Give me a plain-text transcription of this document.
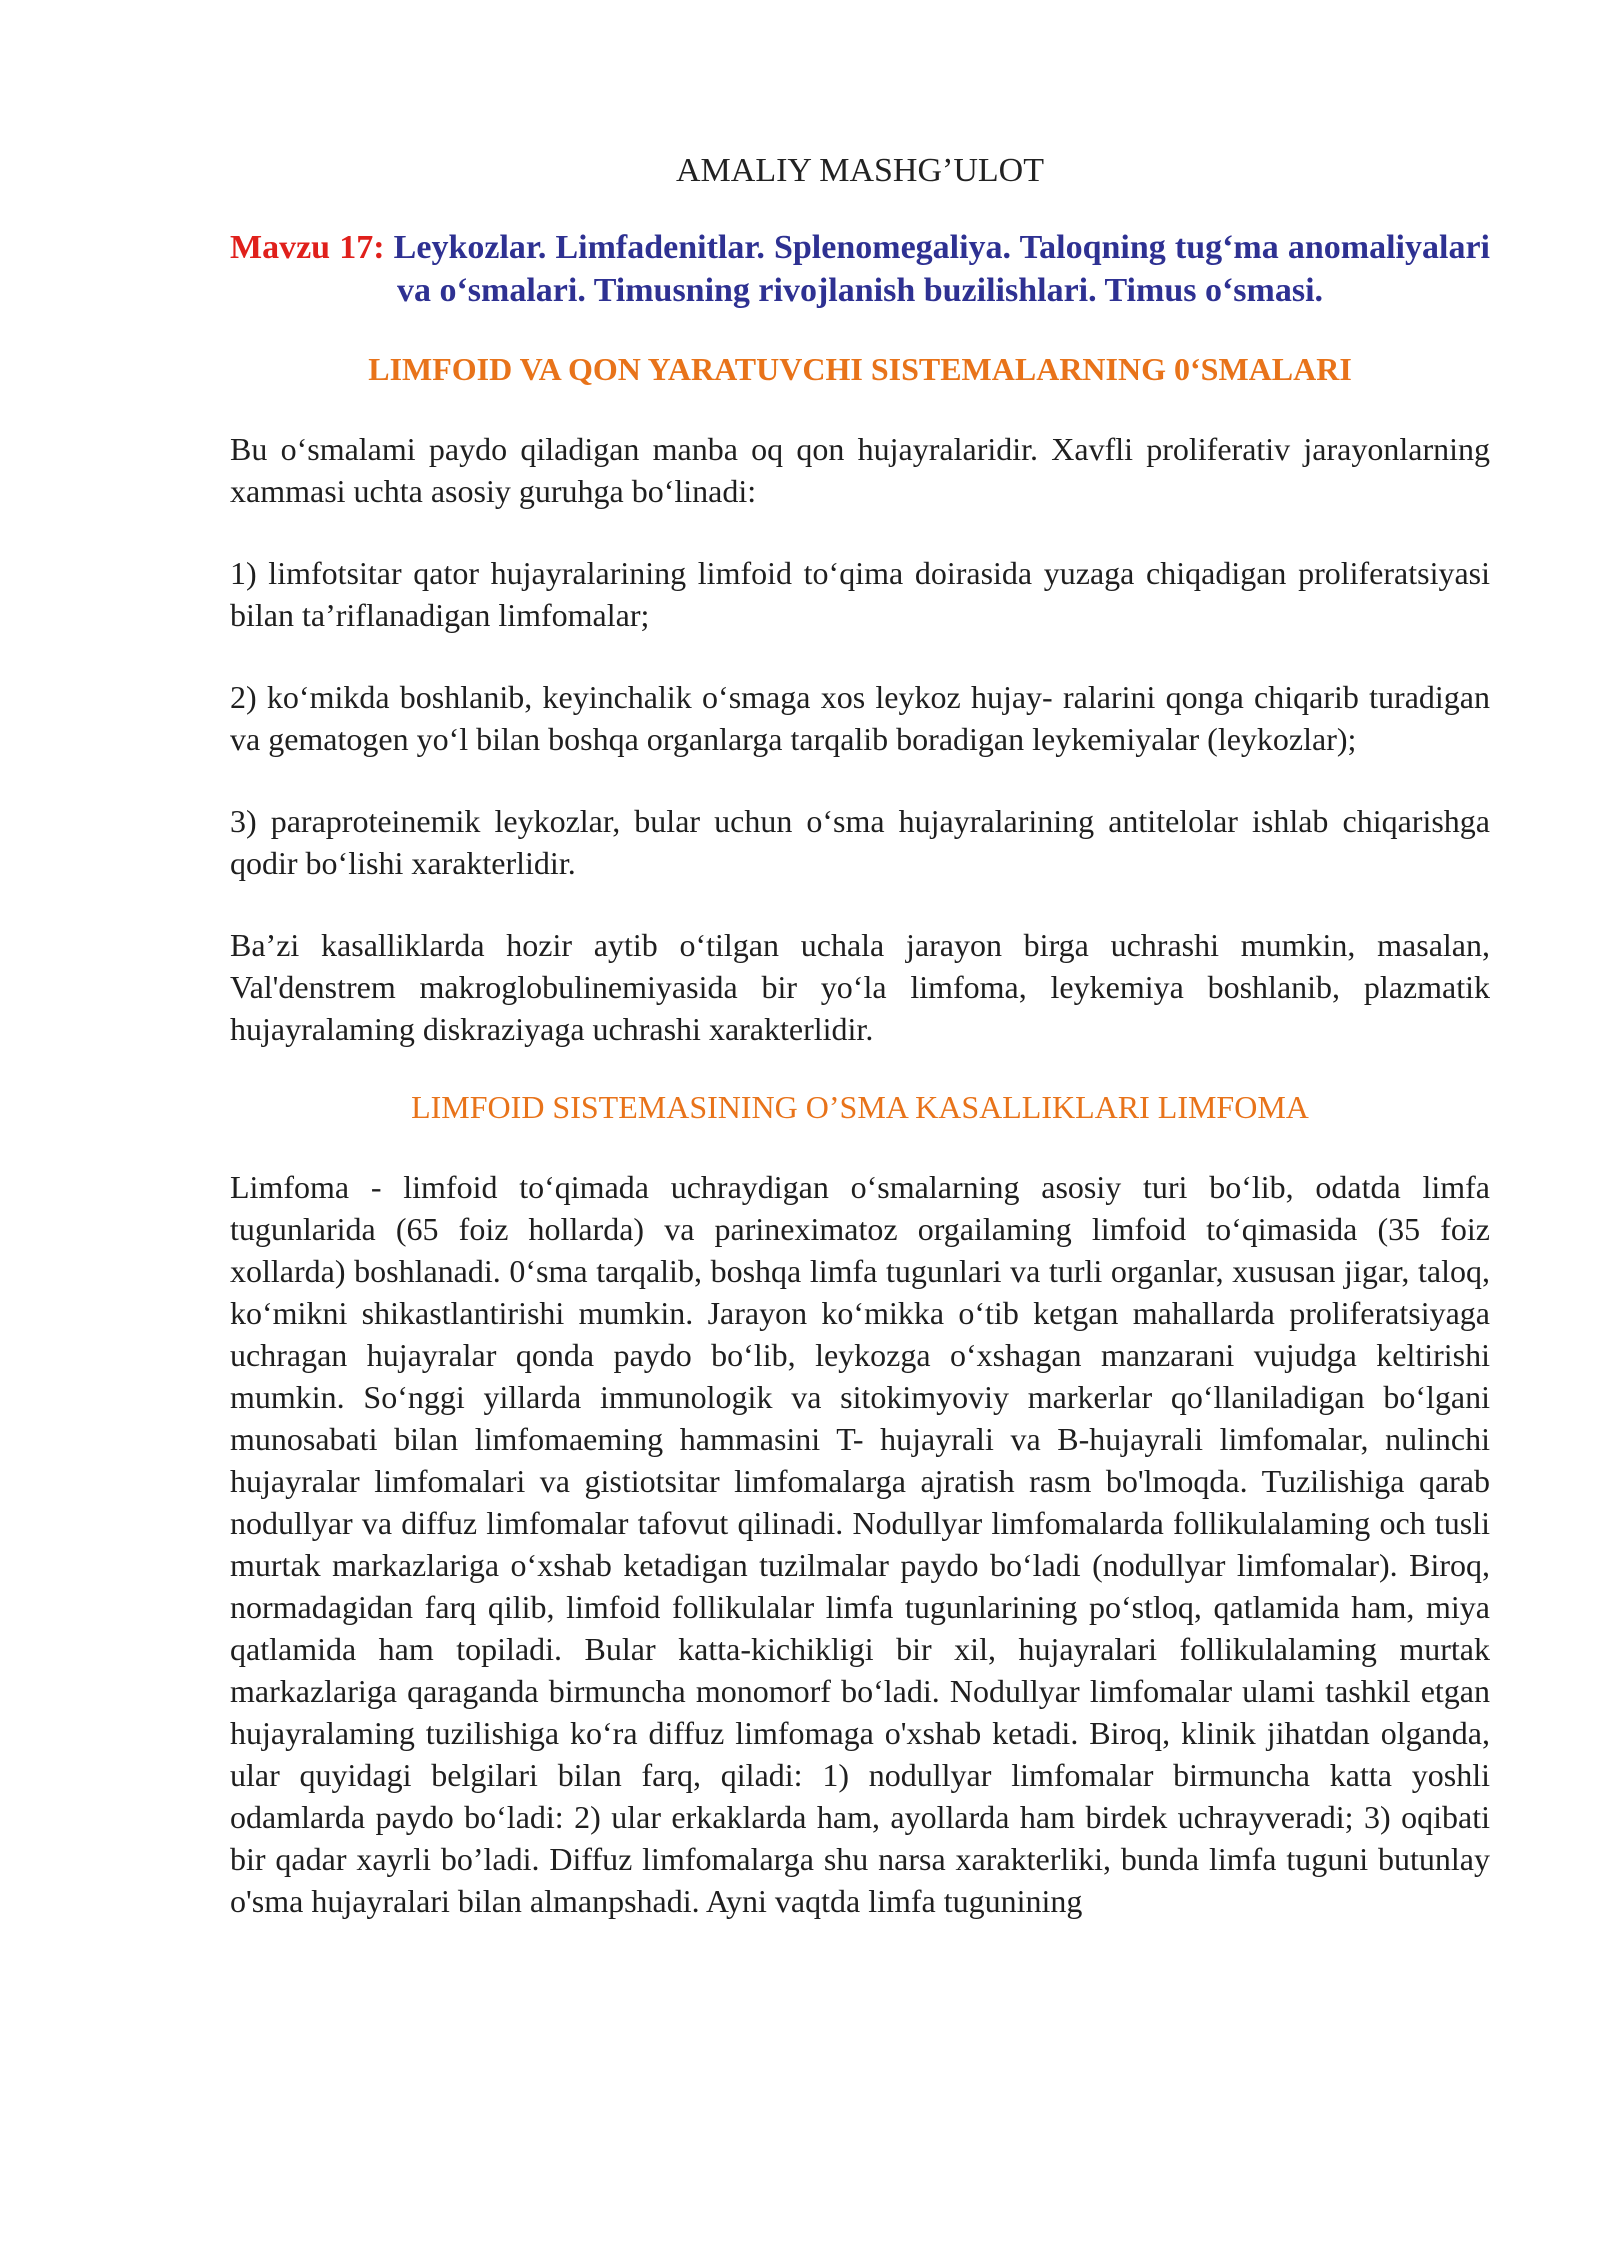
AMALIY MASHG’ULOT
Mavzu 17: Leykozlar. Limfadenitlar. Splenomegaliya. Taloqning tug‘ma anomaliyalari va o‘smalari. Timusning rivojlanish buzilishlari. Timus o‘smasi.
LIMFOID VA QON YARATUVCHI SISTEMALARNING 0‘SMALARI
Bu o‘smalami paydo qiladigan manba oq qon hujayralaridir. Xavfli proliferativ jarayonlarning xammasi uchta asosiy guruhga bo‘linadi:
1) limfotsitar qator hujayralarining limfoid to‘qima doirasida yuzaga chiqadigan proliferatsiyasi bilan ta’riflanadigan limfomalar;
2) ko‘mikda boshlanib, keyinchalik o‘smaga xos leykoz hujay- ralarini qonga chiqarib turadigan va gematogen yo‘l bilan boshqa organlarga tarqalib boradigan leykemiyalar (leykozlar);
3) paraproteinemik leykozlar, bular uchun o‘sma hujayralarining antitelolar ishlab chiqarishga qodir bo‘lishi xarakterlidir.
Ba’zi kasalliklarda hozir aytib o‘tilgan uchala jarayon birga uchrashi mumkin, masalan, Val'denstrem makroglobulinemiyasida bir yo‘la limfoma, leykemiya boshlanib, plazmatik hujayralaming diskraziyaga uchrashi xarakterlidir.
LIMFOID SISTEMASINING O’SMA KASALLIKLARI LIMFOMA
Limfoma - limfoid to‘qimada uchraydigan o‘smalarning asosiy turi bo‘lib, odatda limfa tugunlarida (65 foiz hollarda) va parineximatoz orgailaming limfoid to‘qimasida (35 foiz xollarda) boshlanadi. 0‘sma tarqalib, boshqa limfa tugunlari va turli organlar, xususan jigar, taloq, ko‘mikni shikastlantirishi mumkin. Jarayon ko‘mikka o‘tib ketgan mahallarda proliferatsiyaga uchragan hujayralar qonda paydo bo‘lib, leykozga o‘xshagan manzarani vujudga keltirishi mumkin. So‘nggi yillarda immunologik va sitokimyoviy markerlar qo‘llaniladigan bo‘lgani munosabati bilan limfomaeming hammasini T- hujayrali va B-hujayrali limfomalar, nulinchi hujayralar limfomalari va gistiotsitar limfomalarga ajratish rasm bo'lmoqda. Tuzilishiga qarab nodullyar va diffuz limfomalar tafovut qilinadi. Nodullyar limfomalarda follikulalaming och tusli murtak markazlariga o‘xshab ketadigan tuzilmalar paydo bo‘ladi (nodullyar limfomalar). Biroq, normadagidan farq qilib, limfoid follikulalar limfa tugunlarining po‘stloq, qatlamida ham, miya qatlamida ham topiladi. Bular katta-kichikligi bir xil, hujayralari follikulalaming murtak markazlariga qaraganda birmuncha monomorf bo‘ladi. Nodullyar limfomalar ulami tashkil etgan hujayralaming tuzilishiga ko‘ra diffuz limfomaga o'xshab ketadi. Biroq, klinik jihatdan olganda, ular quyidagi belgilari bilan farq, qiladi: 1) nodullyar limfomalar birmuncha katta yoshli odamlarda paydo bo‘ladi: 2) ular erkaklarda ham, ayollarda ham birdek uchrayveradi; 3) oqibati bir qadar xayrli bo’ladi. Diffuz limfomalarga shu narsa xarakterliki, bunda limfa tuguni butunlay o'sma hujayralari bilan almanpshadi. Ayni vaqtda limfa tugunining
